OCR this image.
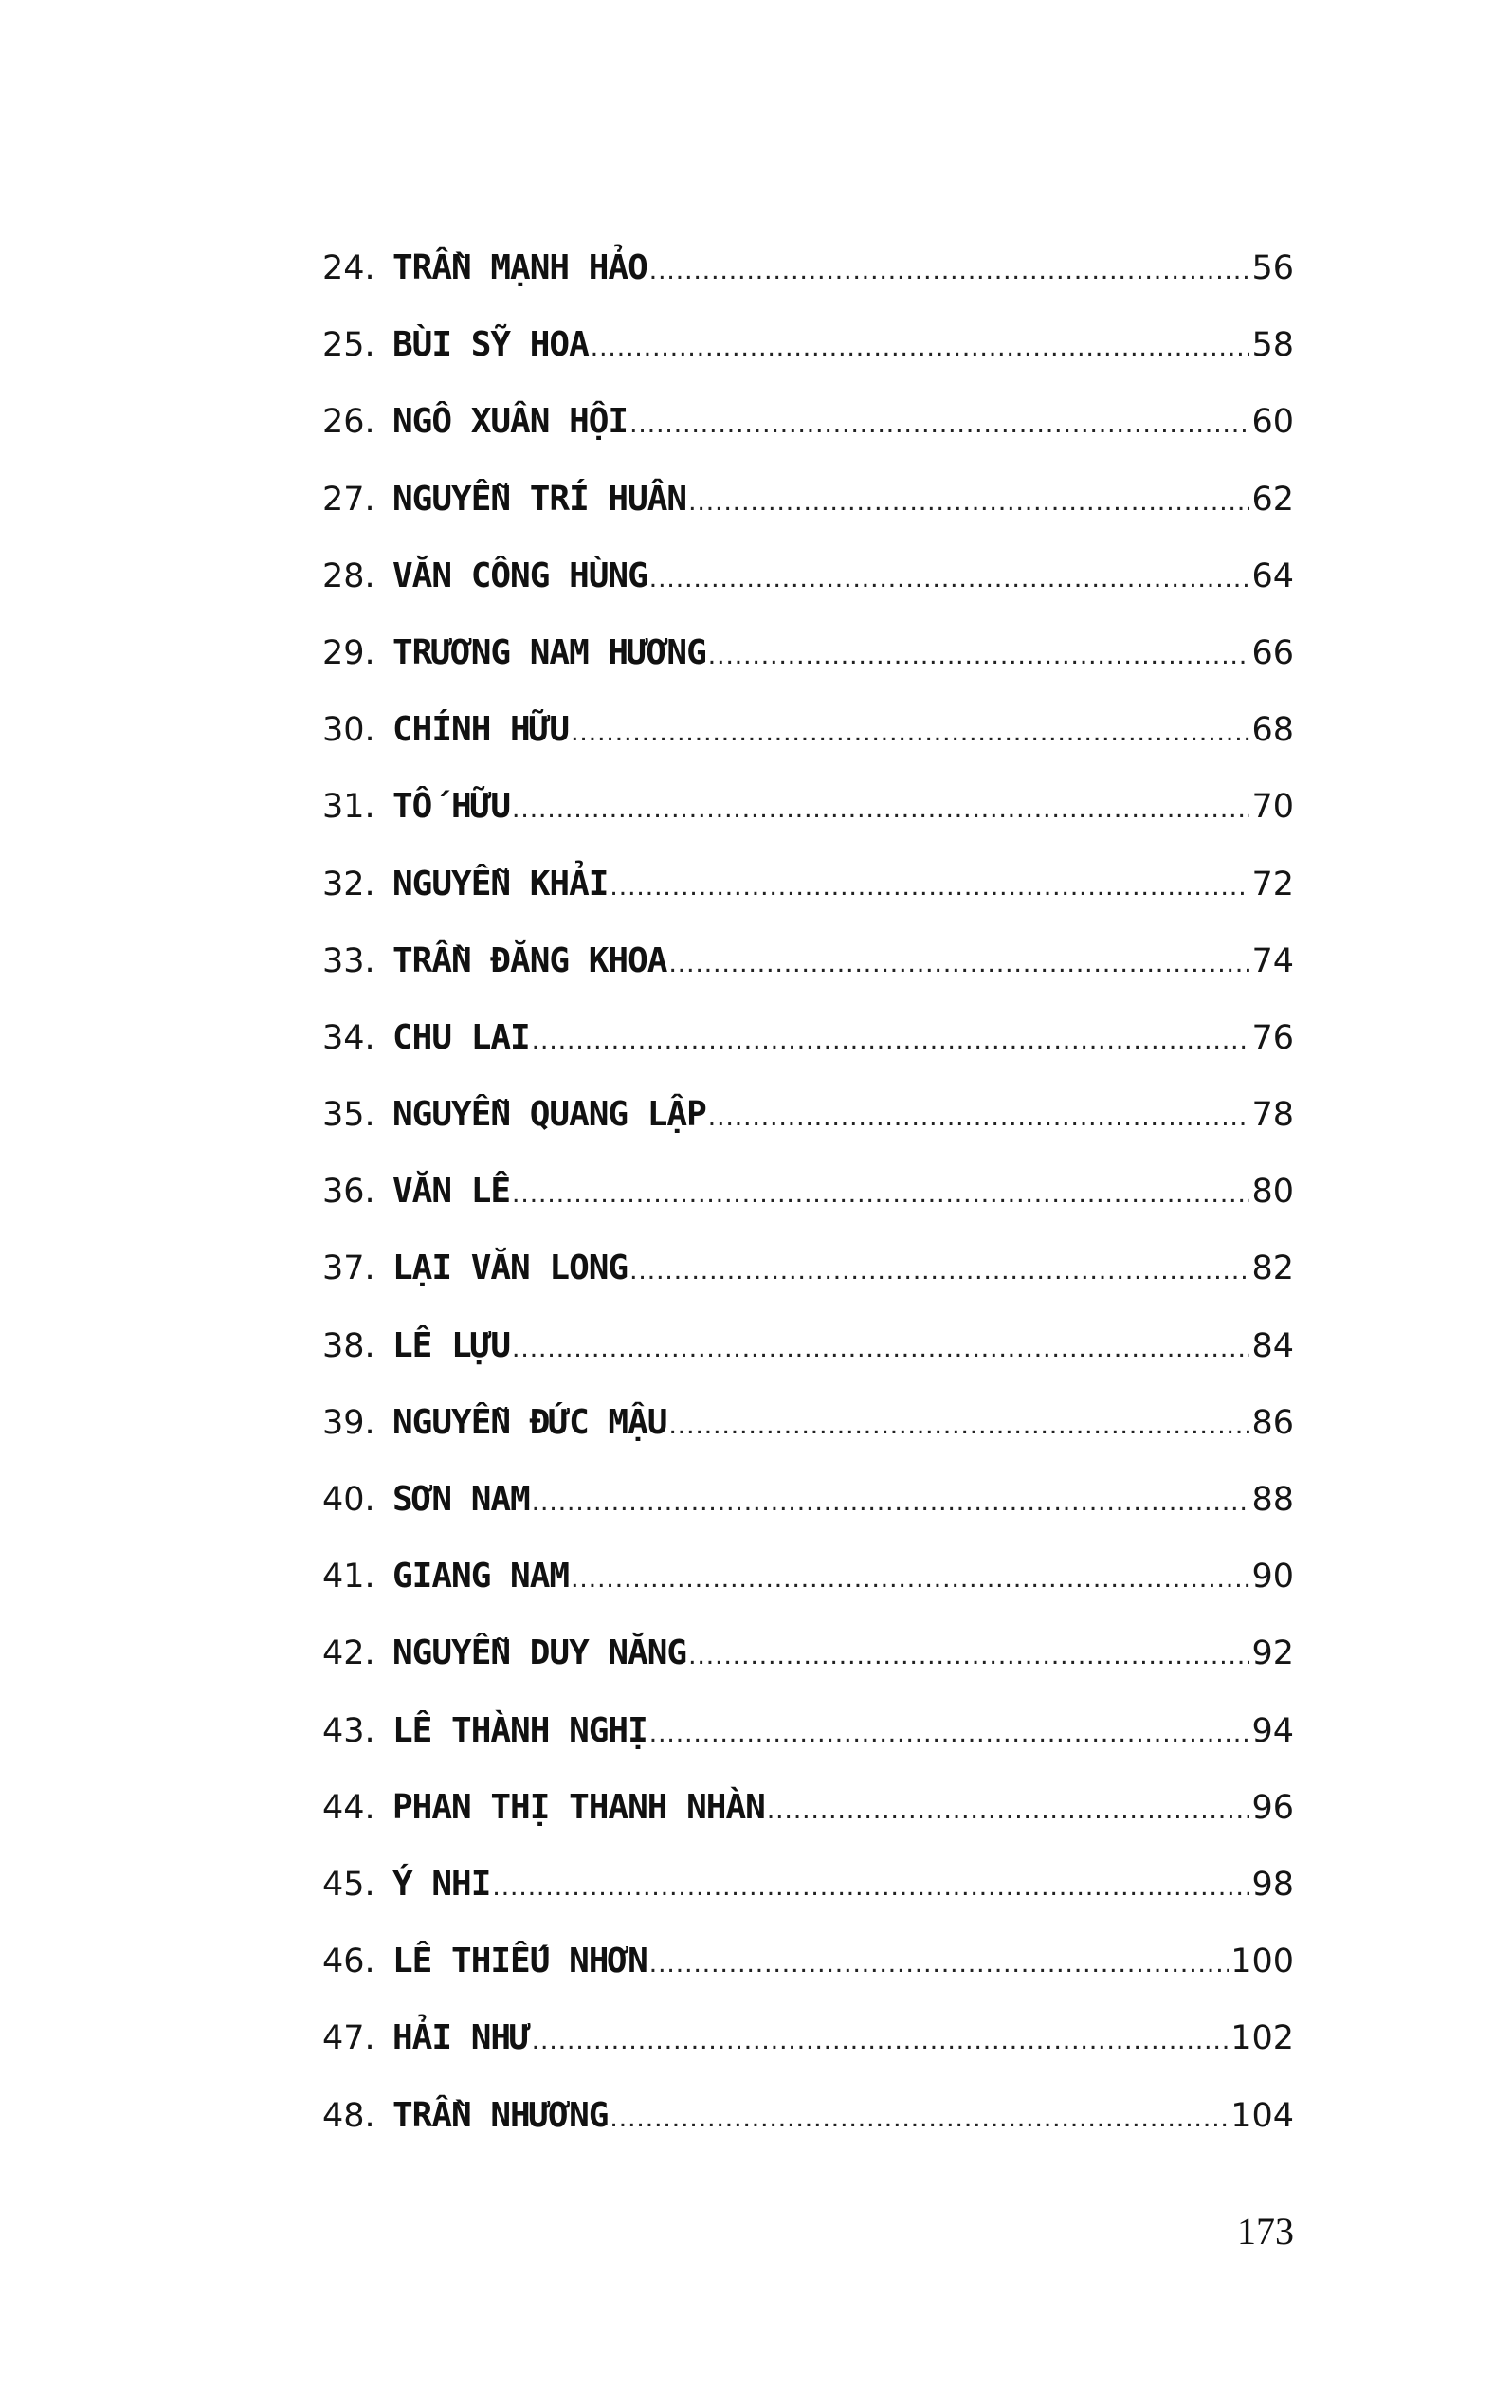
24. TRẦN MẠNH HẢO .....	56
25. BÙI SỸ HOA .....	58
26. NGÔ XUÂN HỘI .....	60
27. NGUYỄN TRÍ HUÂN .....	62
28. VĂN CÔNG HÙNG .....	64
29. TRƯƠNG NAM HƯƠNG .....	66
30. CHÍNH HỮU .....	68
31. TỐ HỮU .....	70
32. NGUYỄN KHẢI .....	72
33. TRẦN ĐĂNG KHOA .....	74
34. CHU LAI .....	76
35. NGUYỄN QUANG LẬP .....	78
36. VĂN LÊ .....	80
37. LẠI VĂN LONG .....	82
38. LÊ LỰU .....	84
39. NGUYỄN ĐỨC MẬU .....	86
40. SƠN NAM .....	88
41. GIANG NAM .....	90
42. NGUYỄN DUY NĂNG .....	92
43. LÊ THÀNH NGHỊ .....	94
44. PHAN THỊ THANH NHÀN .....	96
45. Ý NHI .....	98
46. LÊ THIẾU NHƠN .....	100
47. HẢI NHƯ .....	102
48. TRẦN NHƯƠNG .....	104
173
